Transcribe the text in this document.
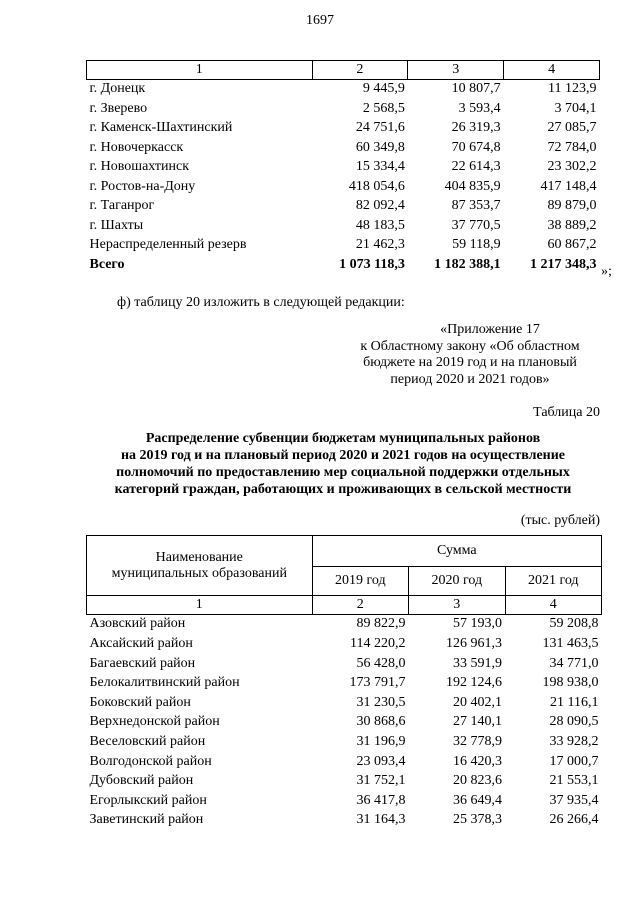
1697
1	2	3	4
г. Донецк	9 445,9	10 807,7	11 123,9
г. Зверево	2 568,5	3 593,4	3 704,1
г. Каменск-Шахтинский	24 751,6	26 319,3	27 085,7
г. Новочеркасск	60 349,8	70 674,8	72 784,0
г. Новошахтинск	15 334,4	22 614,3	23 302,2
г. Ростов-на-Дону	418 054,6	404 835,9	417 148,4
г. Таганрог	82 092,4	87 353,7	89 879,0
г. Шахты	48 183,5	37 770,5	38 889,2
Нераспределенный резерв	21 462,3	59 118,9	60 867,2
Всего	1 073 118,3	1 182 388,1	1 217 348,3 »;
ф) таблицу 20 изложить в следующей редакции:
«Приложение 17
к Областному закону «Об областном
бюджете на 2019 год и на плановый
период 2020 и 2021 годов»
Таблица 20
Распределение субвенции бюджетам муниципальных районов
на 2019 год и на плановый период 2020 и 2021 годов на осуществление
полномочий по предоставлению мер социальной поддержки отдельных
категорий граждан, работающих и проживающих в сельской местности
(тыс. рублей)
Наименование
муниципальных образований	Сумма		
	2019 год	2020 год	2021 год
1	2	3	4
Азовский район	89 822,9	57 193,0	59 208,8
Аксайский район	114 220,2	126 961,3	131 463,5
Багаевский район	56 428,0	33 591,9	34 771,0
Белокалитвинский район	173 791,7	192 124,6	198 938,0
Боковский район	31 230,5	20 402,1	21 116,1
Верхнедонской район	30 868,6	27 140,1	28 090,5
Веселовский район	31 196,9	32 778,9	33 928,2
Волгодонской район	23 093,4	16 420,3	17 000,7
Дубовский район	31 752,1	20 823,6	21 553,1
Егорлыкский район	36 417,8	36 649,4	37 935,4
Заветинский район	31 164,3	25 378,3	26 266,4
